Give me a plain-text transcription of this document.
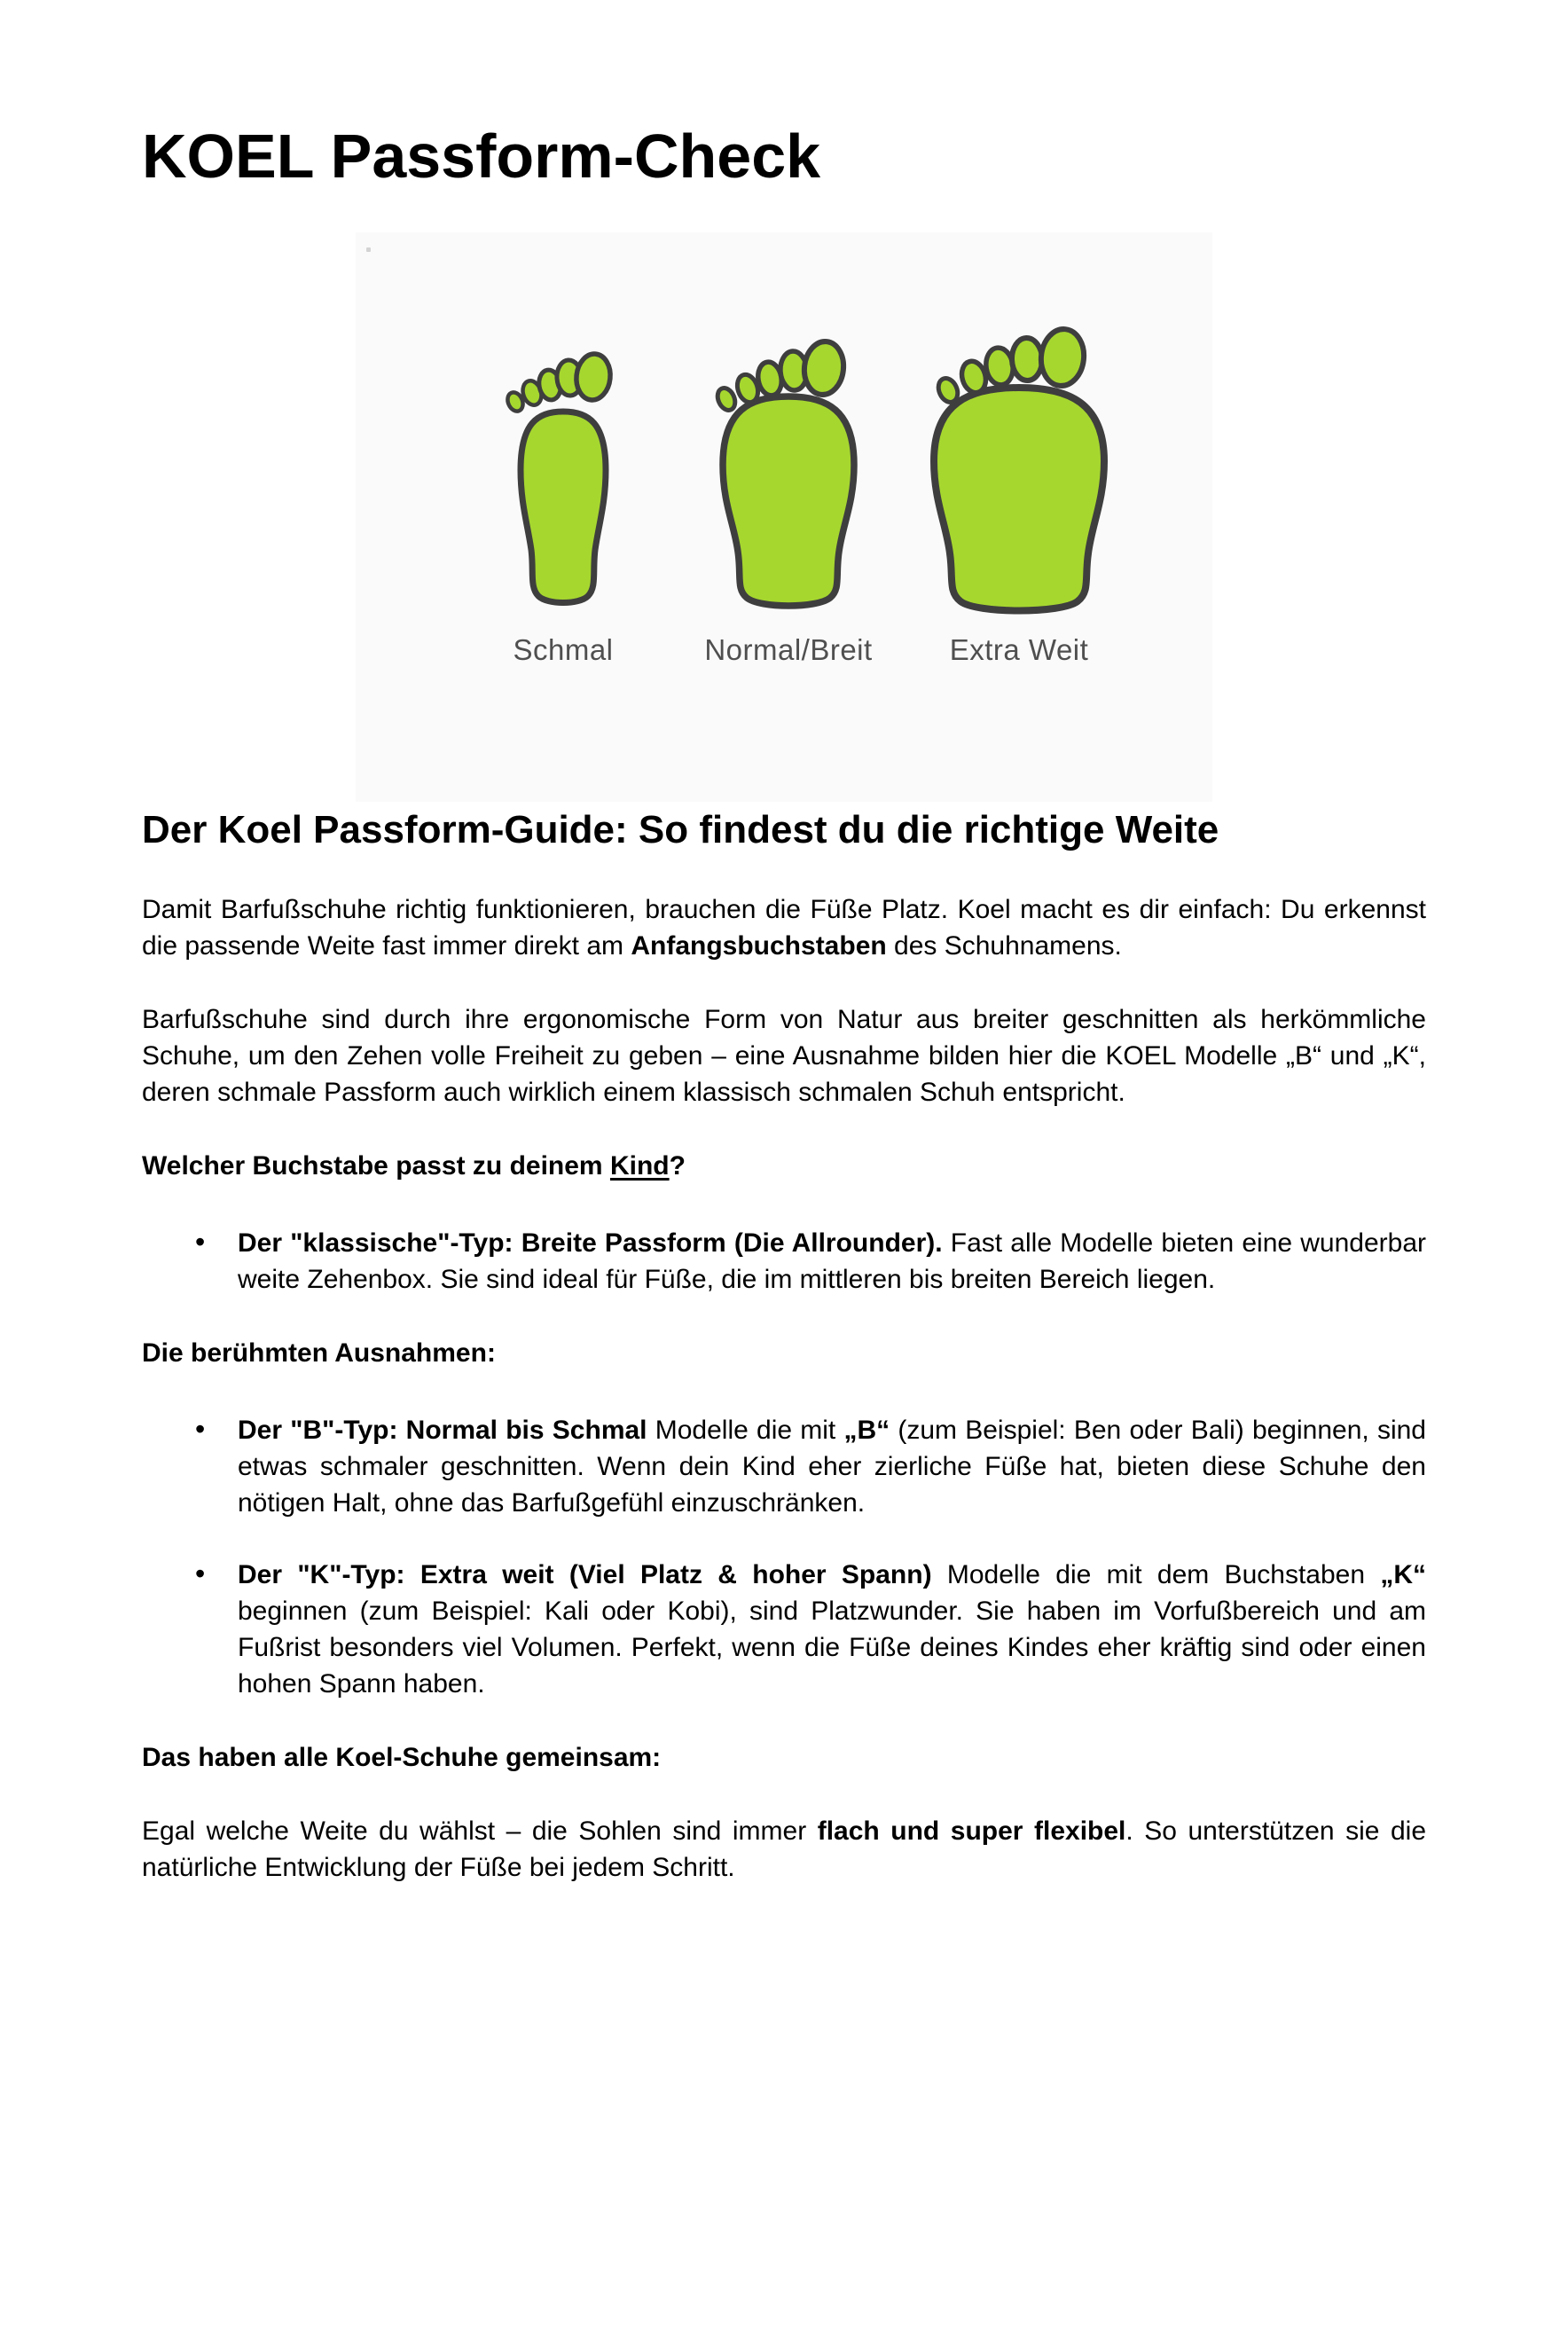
KOEL Passform-Check
Schmal	Normal/Breit	Extra Weit
Der Koel Passform-Guide: So findest du die richtige Weite

Damit Barfußschuhe richtig funktionieren, brauchen die Füße Platz. Koel macht es dir einfach: Du erkennst die passende Weite fast immer direkt am Anfangsbuchstaben des Schuhnamens.

Barfußschuhe sind durch ihre ergonomische Form von Natur aus breiter geschnitten als herkömmliche Schuhe, um den Zehen volle Freiheit zu geben – eine Ausnahme bilden hier die KOEL Modelle „B“ und „K“, deren schmale Passform auch wirklich einem klassisch schmalen Schuh entspricht.

Welcher Buchstabe passt zu deinem Kind?

• Der "klassische"-Typ: Breite Passform (Die Allrounder). Fast alle Modelle bieten eine wunderbar weite Zehenbox. Sie sind ideal für Füße, die im mittleren bis breiten Bereich liegen.

Die berühmten Ausnahmen:

• Der "B"-Typ: Normal bis Schmal Modelle die mit „B“ (zum Beispiel: Ben oder Bali) beginnen, sind etwas schmaler geschnitten. Wenn dein Kind eher zierliche Füße hat, bieten diese Schuhe den nötigen Halt, ohne das Barfußgefühl einzuschränken.
• Der "K"-Typ: Extra weit (Viel Platz & hoher Spann) Modelle die mit dem Buchstaben „K“ beginnen (zum Beispiel: Kali oder Kobi), sind Platzwunder. Sie haben im Vorfußbereich und am Fußrist besonders viel Volumen. Perfekt, wenn die Füße deines Kindes eher kräftig sind oder einen hohen Spann haben.

Das haben alle Koel-Schuhe gemeinsam:

Egal welche Weite du wählst – die Sohlen sind immer flach und super flexibel. So unterstützen sie die natürliche Entwicklung der Füße bei jedem Schritt.
